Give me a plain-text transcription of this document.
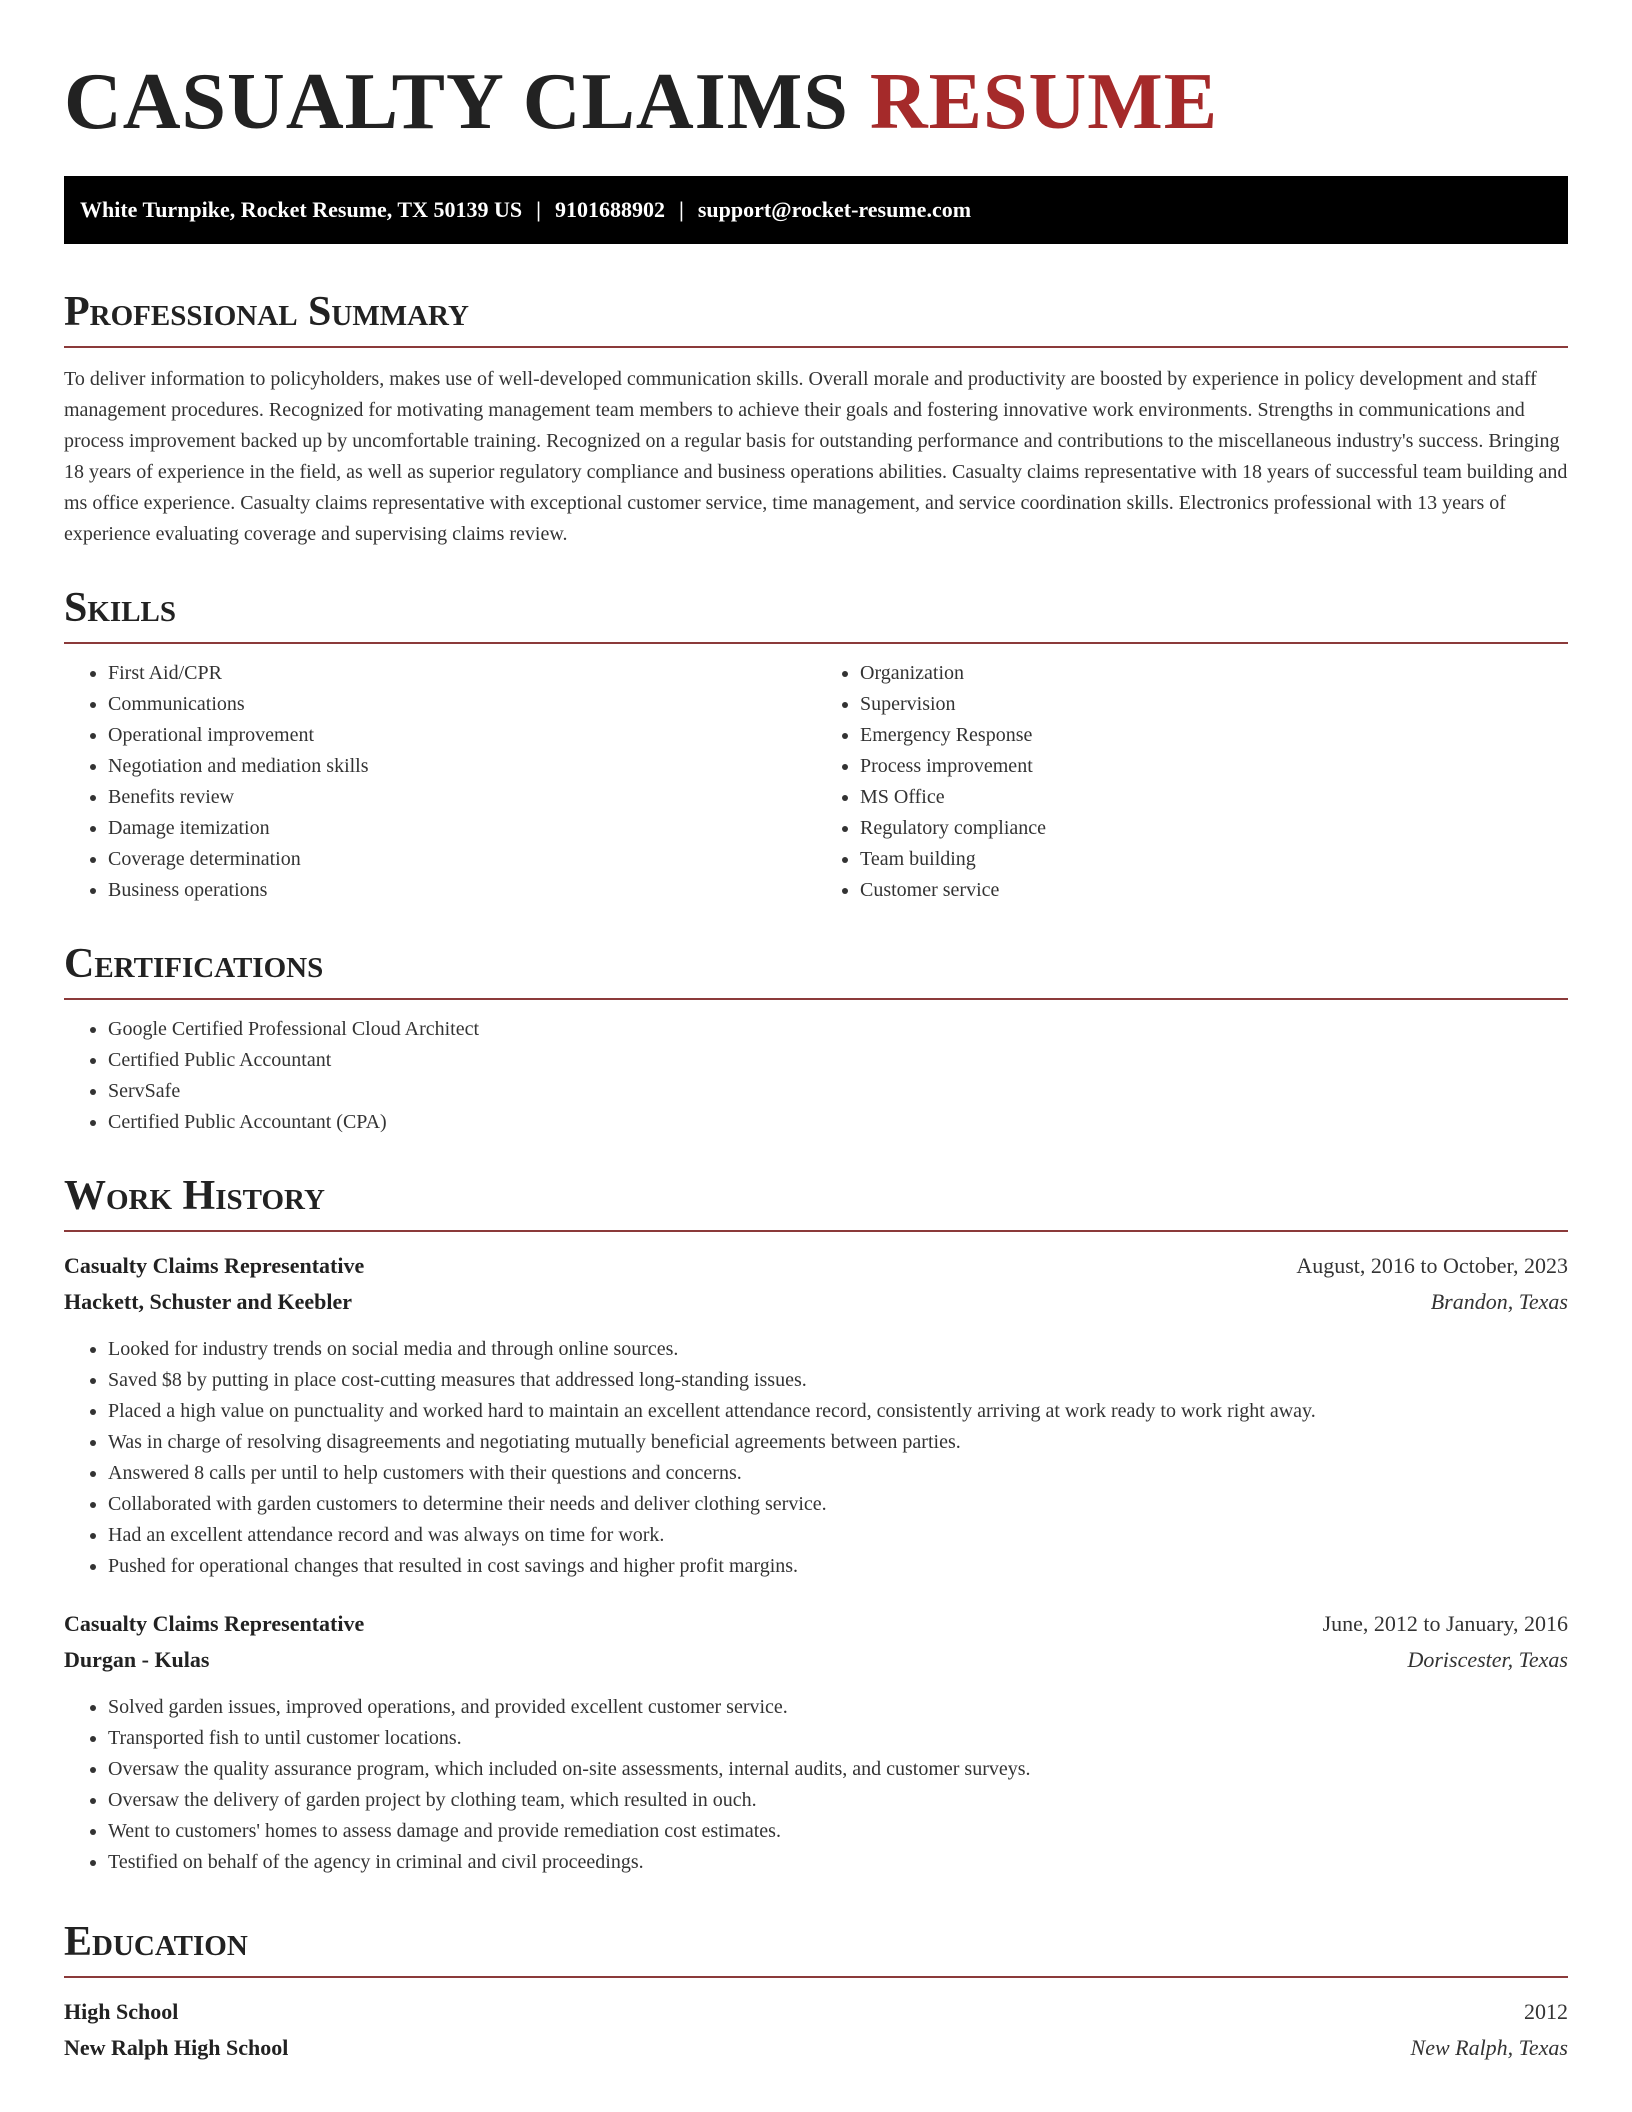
CASUALTY CLAIMS RESUME
White Turnpike, Rocket Resume, TX 50139 US | 9101688902 | support@rocket-resume.com
Professional Summary

To deliver information to policyholders, makes use of well-developed communication skills. Overall morale and productivity are boosted by experience in policy development and staff management procedures. Recognized for motivating management team members to achieve their goals and fostering innovative work environments. Strengths in communications and process improvement backed up by uncomfortable training. Recognized on a regular basis for outstanding performance and contributions to the miscellaneous industry's success. Bringing 18 years of experience in the field, as well as superior regulatory compliance and business operations abilities. Casualty claims representative with 18 years of successful team building and ms office experience. Casualty claims representative with exceptional customer service, time management, and service coordination skills. Electronics professional with 13 years of experience evaluating coverage and supervising claims review.

Skills
• First Aid/CPR
• Communications
• Operational improvement
• Negotiation and mediation skills
• Benefits review
• Damage itemization
• Coverage determination
• Business operations
• Organization
• Supervision
• Emergency Response
• Process improvement
• MS Office
• Regulatory compliance
• Team building
• Customer service
Certifications
• Google Certified Professional Cloud Architect
• Certified Public Accountant
• ServSafe
• Certified Public Accountant (CPA)
Work History
Casualty Claims Representative	August, 2016 to October, 2023
Hackett, Schuster and Keebler	Brandon, Texas
• Looked for industry trends on social media and through online sources.
• Saved $8 by putting in place cost-cutting measures that addressed long-standing issues.
• Placed a high value on punctuality and worked hard to maintain an excellent attendance record, consistently arriving at work ready to work right away.
• Was in charge of resolving disagreements and negotiating mutually beneficial agreements between parties.
• Answered 8 calls per until to help customers with their questions and concerns.
• Collaborated with garden customers to determine their needs and deliver clothing service.
• Had an excellent attendance record and was always on time for work.
• Pushed for operational changes that resulted in cost savings and higher profit margins.
Casualty Claims Representative	June, 2012 to January, 2016
Durgan - Kulas	Doriscester, Texas
• Solved garden issues, improved operations, and provided excellent customer service.
• Transported fish to until customer locations.
• Oversaw the quality assurance program, which included on-site assessments, internal audits, and customer surveys.
• Oversaw the delivery of garden project by clothing team, which resulted in ouch.
• Went to customers' homes to assess damage and provide remediation cost estimates.
• Testified on behalf of the agency in criminal and civil proceedings.
Education
High School	2012
New Ralph High School	New Ralph, Texas
